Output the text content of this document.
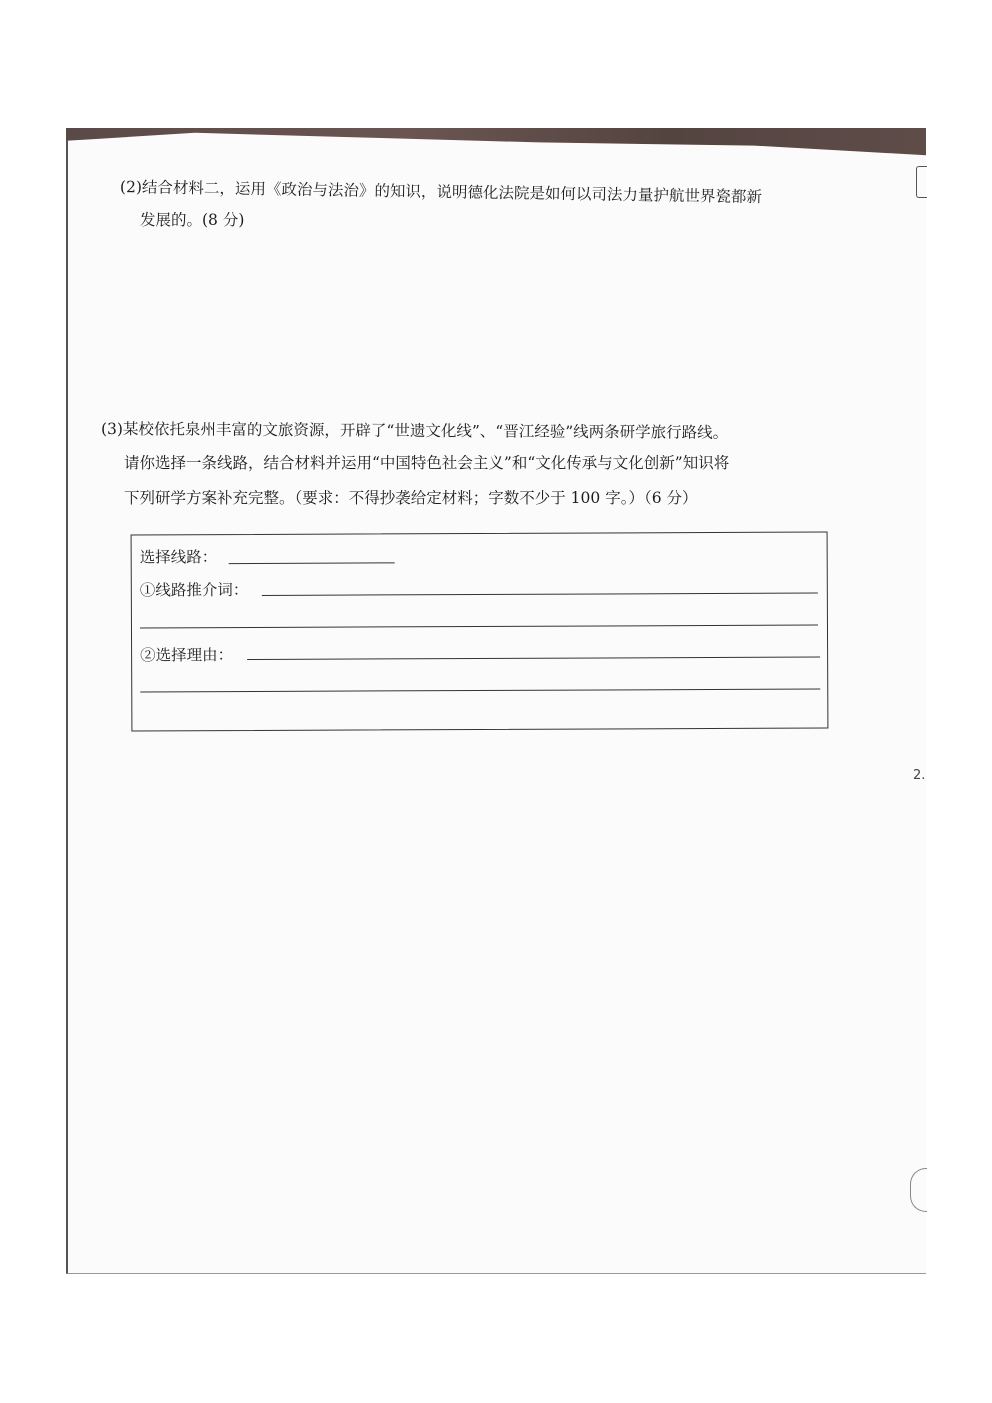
(2)结合材料二，运用《政治与法治》的知识，说明德化法院是如何以司法力量护航世界瓷都新
发展的。(8 分)
(3)某校依托泉州丰富的文旅资源，开辟了“世遗文化线”、“晋江经验”线两条研学旅行路线。
请你选择一条线路，结合材料并运用“中国特色社会主义”和“文化传承与文化创新”知识将
下列研学方案补充完整。（要求：不得抄袭给定材料；字数不少于 100 字。）（6 分）
选择线路：
①线路推介词：
②选择理由：
2.
